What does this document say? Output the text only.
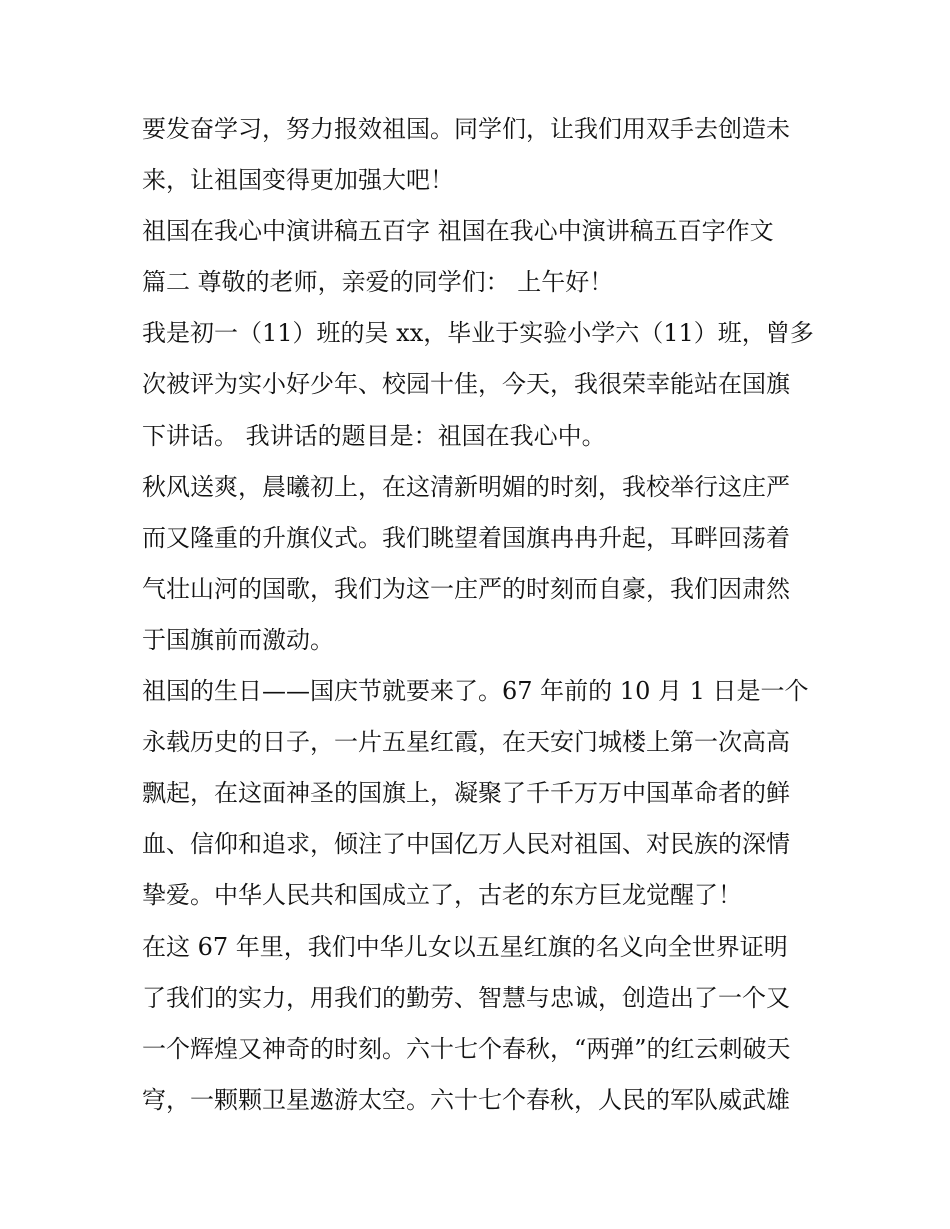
要发奋学习，努力报效祖国。同学们，让我们用双手去创造未
来，让祖国变得更加强大吧！
祖国在我心中演讲稿五百字 祖国在我心中演讲稿五百字作文
篇二 尊敬的老师，亲爱的同学们： 上午好！
我是初一（11）班的吴 xx，毕业于实验小学六（11）班，曾多
次被评为实小好少年、校园十佳，今天，我很荣幸能站在国旗
下讲话。 我讲话的题目是：祖国在我心中。
秋风送爽，晨曦初上，在这清新明媚的时刻，我校举行这庄严
而又隆重的升旗仪式。我们眺望着国旗冉冉升起，耳畔回荡着
气壮山河的国歌，我们为这一庄严的时刻而自豪，我们因肃然
于国旗前而激动。
祖国的生日——国庆节就要来了。67 年前的 10 月 1 日是一个
永载历史的日子，一片五星红霞，在天安门城楼上第一次高高
飘起，在这面神圣的国旗上，凝聚了千千万万中国革命者的鲜
血、信仰和追求，倾注了中国亿万人民对祖国、对民族的深情
挚爱。中华人民共和国成立了，古老的东方巨龙觉醒了！
在这 67 年里，我们中华儿女以五星红旗的名义向全世界证明
了我们的实力，用我们的勤劳、智慧与忠诚，创造出了一个又
一个辉煌又神奇的时刻。六十七个春秋，“两弹”的红云刺破天
穹，一颗颗卫星遨游太空。六十七个春秋，人民的军队威武雄
